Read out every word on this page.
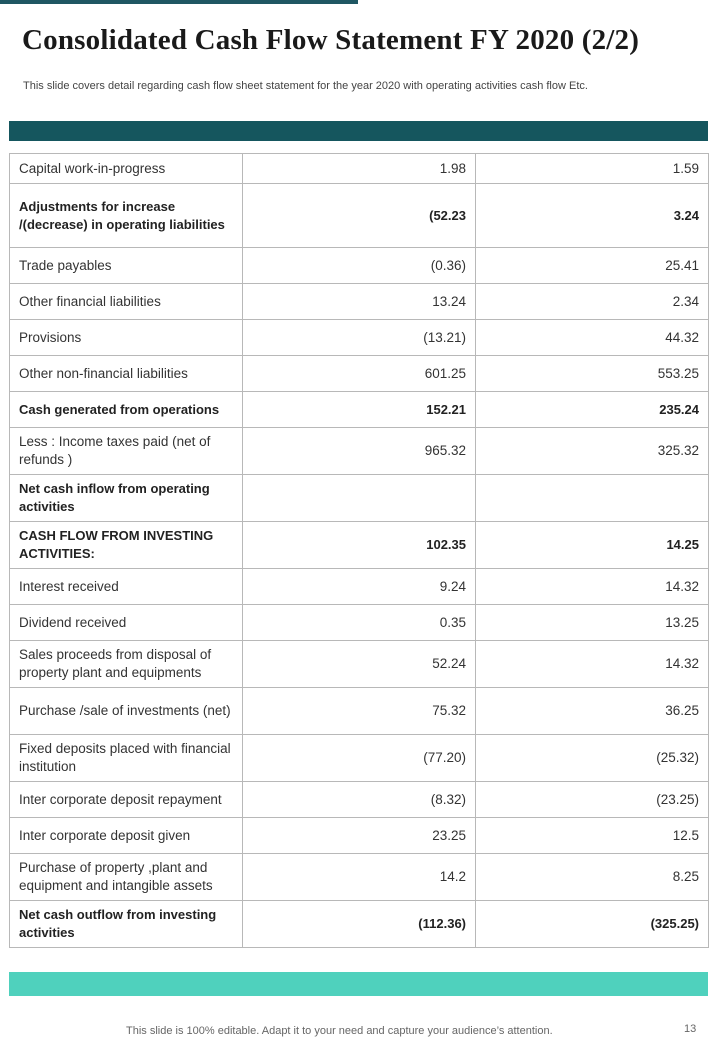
Consolidated Cash Flow Statement FY 2020 (2/2)
This slide covers detail regarding cash flow sheet statement for the year 2020 with operating activities cash flow Etc.
Capital work-in-progress	1.98	1.59
Adjustments for increase /(decrease) in operating liabilities	(52.23	3.24
Trade payables	(0.36)	25.41
Other financial liabilities	13.24	2.34
Provisions	(13.21)	44.32
Other non-financial liabilities	601.25	553.25
Cash generated from operations	152.21	235.24
Less : Income taxes paid (net of refunds )	965.32	325.32
Net cash inflow from operating activities		
CASH FLOW FROM INVESTING ACTIVITIES:	102.35	14.25
Interest received	9.24	14.32
Dividend received	0.35	13.25
Sales proceeds from disposal of property plant and equipments	52.24	14.32
Purchase /sale of investments (net)	75.32	36.25
Fixed deposits placed with financial institution	(77.20)	(25.32)
Inter corporate deposit repayment	(8.32)	(23.25)
Inter corporate deposit given	23.25	12.5
Purchase of property ,plant and equipment and intangible assets	14.2	8.25
Net cash outflow from investing activities	(112.36)	(325.25)
This slide is 100% editable. Adapt it to your need and capture your audience’s attention.	13
